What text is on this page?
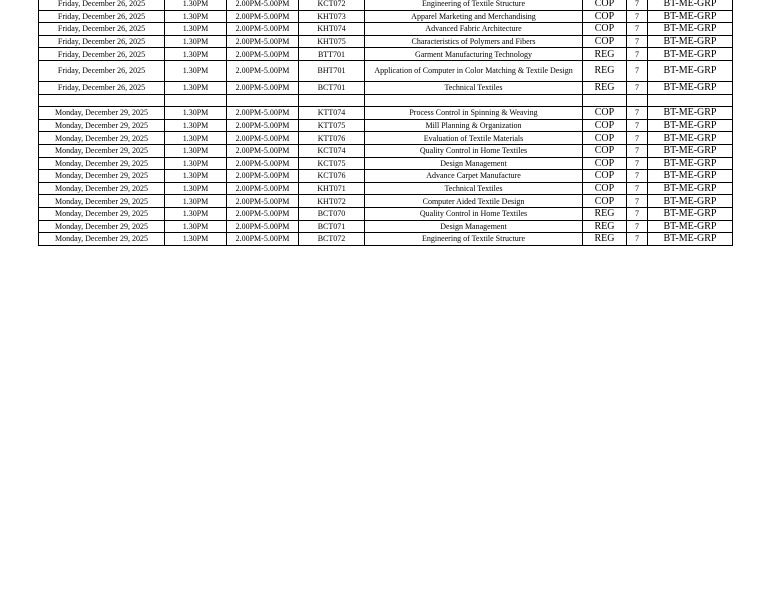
Friday, December 26, 2025	1.30PM	2.00PM-5.00PM	KCT072	Engineering of Textile Structure	COP	7	BT-ME-GRP
Friday, December 26, 2025	1.30PM	2.00PM-5.00PM	KHT073	Apparel Marketing and Merchandising	COP	7	BT-ME-GRP
Friday, December 26, 2025	1.30PM	2.00PM-5.00PM	KHT074	Advanced Fabric Architecture	COP	7	BT-ME-GRP
Friday, December 26, 2025	1.30PM	2.00PM-5.00PM	KHT075	Characteristics of Polymers and Fibers	COP	7	BT-ME-GRP
Friday, December 26, 2025	1.30PM	2.00PM-5.00PM	BTT701	Garment Manufacturing Technology	REG	7	BT-ME-GRP
Friday, December 26, 2025	1.30PM	2.00PM-5.00PM	BHT701	Application of Computer in Color Matching & Textile Design	REG	7	BT-ME-GRP
Friday, December 26, 2025	1.30PM	2.00PM-5.00PM	BCT701	Technical Textiles	REG	7	BT-ME-GRP

Monday, December 29, 2025	1.30PM	2.00PM-5.00PM	KTT074	Process Control in Spinning & Weaving	COP	7	BT-ME-GRP
Monday, December 29, 2025	1.30PM	2.00PM-5.00PM	KTT075	Mill Planning & Organization	COP	7	BT-ME-GRP
Monday, December 29, 2025	1.30PM	2.00PM-5.00PM	KTT076	Evaluation of Textile Materials	COP	7	BT-ME-GRP
Monday, December 29, 2025	1.30PM	2.00PM-5.00PM	KCT074	Quality Control in Home Textiles	COP	7	BT-ME-GRP
Monday, December 29, 2025	1.30PM	2.00PM-5.00PM	KCT075	Design Management	COP	7	BT-ME-GRP
Monday, December 29, 2025	1.30PM	2.00PM-5.00PM	KCT076	Advance Carpet Manufacture	COP	7	BT-ME-GRP
Monday, December 29, 2025	1.30PM	2.00PM-5.00PM	KHT071	Technical Textiles	COP	7	BT-ME-GRP
Monday, December 29, 2025	1.30PM	2.00PM-5.00PM	KHT072	Computer Aided Textile Design	COP	7	BT-ME-GRP
Monday, December 29, 2025	1.30PM	2.00PM-5.00PM	BCT070	Quality Control in Home Textiles	REG	7	BT-ME-GRP
Monday, December 29, 2025	1.30PM	2.00PM-5.00PM	BCT071	Design Management	REG	7	BT-ME-GRP
Monday, December 29, 2025	1.30PM	2.00PM-5.00PM	BCT072	Engineering of Textile Structure	REG	7	BT-ME-GRP
